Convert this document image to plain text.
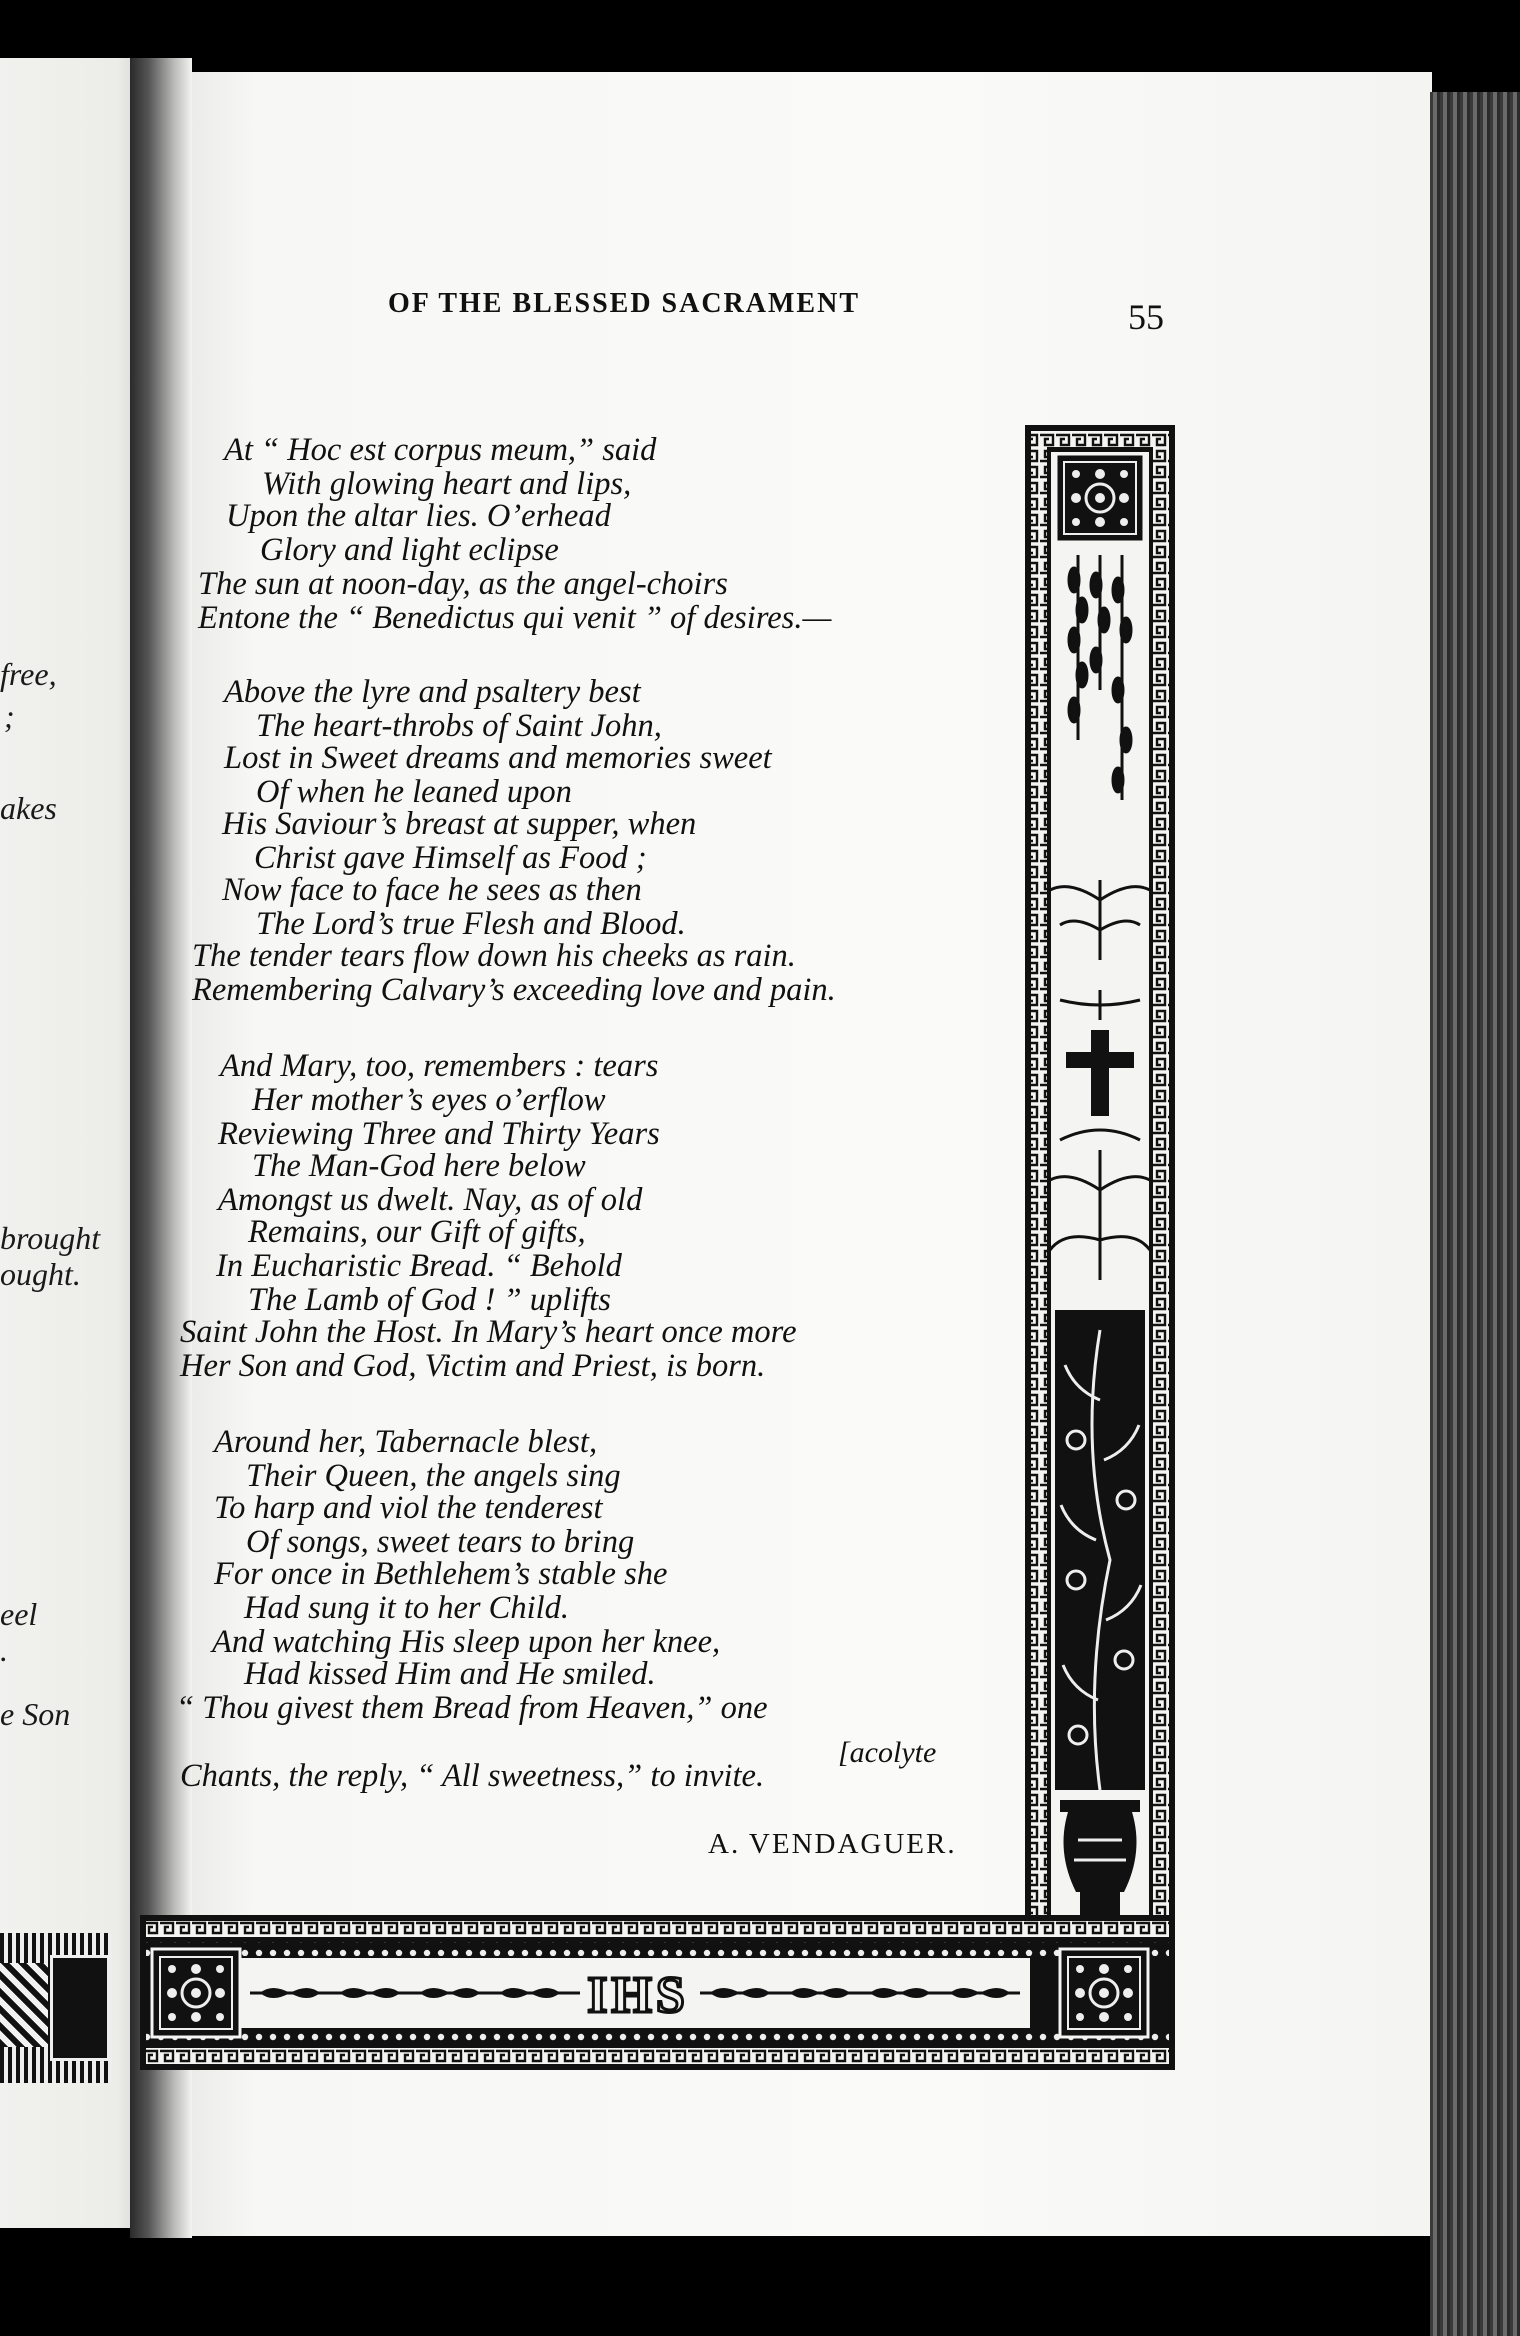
free,
;
akes
brought
ought.
eel
.
e Son
OF THE BLESSED SACRAMENT	55
At “ Hoc est corpus meum,” said
With glowing heart and lips,
Upon the altar lies. O’erhead
Glory and light eclipse
The sun at noon-day, as the angel-choirs
Entone the “ Benedictus qui venit ” of desires.—
Above the lyre and psaltery best
The heart-throbs of Saint John,
Lost in Sweet dreams and memories sweet
Of when he leaned upon
His Saviour’s breast at supper, when
Christ gave Himself as Food ;
Now face to face he sees as then
The Lord’s true Flesh and Blood.
The tender tears flow down his cheeks as rain.
Remembering Calvary’s exceeding love and pain.
And Mary, too, remembers : tears
Her mother’s eyes o’erflow
Reviewing Three and Thirty Years
The Man-God here below
Amongst us dwelt. Nay, as of old
Remains, our Gift of gifts,
In Eucharistic Bread. “ Behold
The Lamb of God ! ” uplifts
Saint John the Host. In Mary’s heart once more
Her Son and God, Victim and Priest, is born.
Around her, Tabernacle blest,
Their Queen, the angels sing
To harp and viol the tenderest
Of songs, sweet tears to bring
For once in Bethlehem’s stable she
Had sung it to her Child.
And watching His sleep upon her knee,
Had kissed Him and He smiled.
“ Thou givest them Bread from Heaven,” one
Chants, the reply, “ All sweetness,” to invite.
[acolyte
A. VENDAGUER.
IHS
